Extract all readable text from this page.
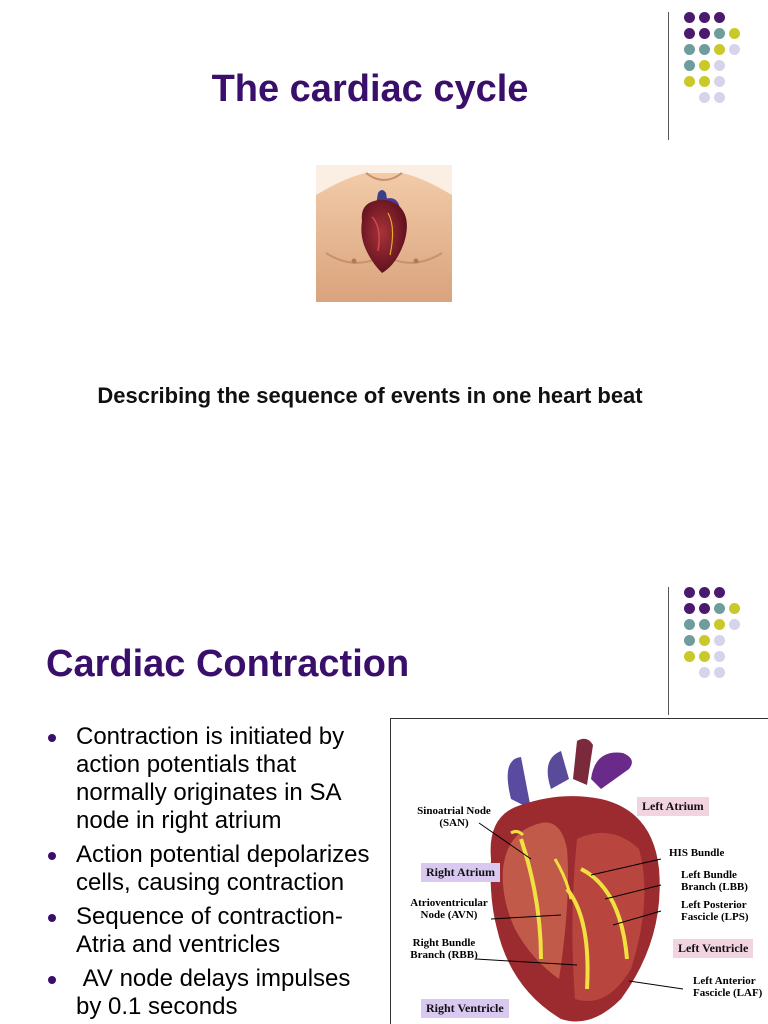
The cardiac cycle
Describing the sequence of events in one heart beat
Cardiac Contraction
Contraction is initiated by action potentials that normally originates in SA node in right atrium
Action potential depolarizes cells, causing contraction
Sequence of contraction- Atria and ventricles
AV node delays impulses by 0.1 seconds
Sinoatrial Node (SAN)
Left Atrium
HIS Bundle
Right Atrium	Left Bundle Branch (LBB)
Atrioventricular Node (AVN)
Left Posterior Fascicle (LPS)
Right Bundle Branch (RBB)	Left Ventricle
Left Anterior Fascicle (LAF)
Right Ventricle
